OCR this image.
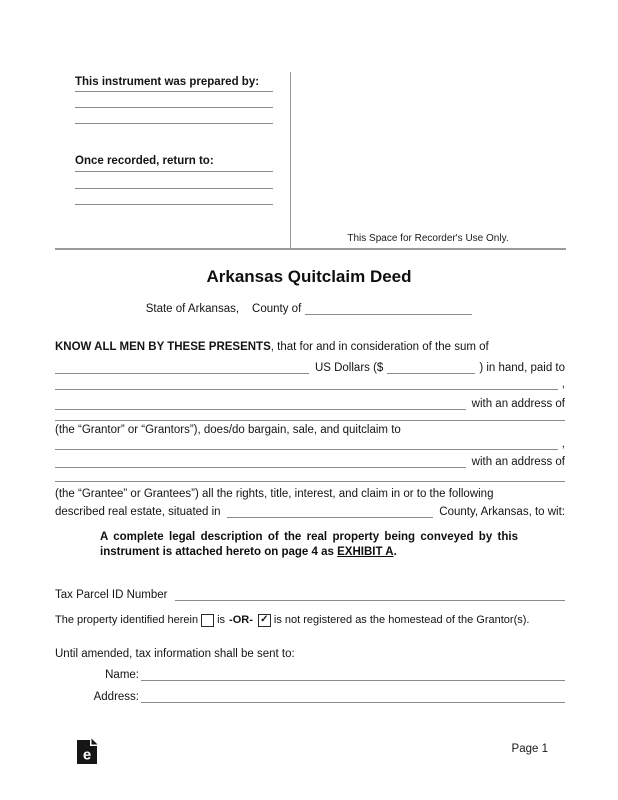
This instrument was prepared by:
Once recorded, return to:
This Space for Recorder's Use Only.
Arkansas Quitclaim Deed
State of Arkansas, County of
KNOW ALL MEN BY THESE PRESENTS, that for and in consideration of the sum of
US Dollars ($	) in hand, paid to
,
with an address of
(the “Grantor” or “Grantors”), does/do bargain, sale, and quitclaim to
,
with an address of
(the “Grantee” or Grantees”) all the rights, title, interest, and claim in or to the following
described real estate, situated in	County, Arkansas, to wit:
A complete legal description of the real property being conveyed by this
instrument is attached hereto on page 4 as EXHIBIT A.
Tax Parcel ID Number
The property identified herein is -OR- ✓ is not registered as the homestead of the Grantor(s).
Until amended, tax information shall be sent to:
Name:
Address:
e	Page 1
